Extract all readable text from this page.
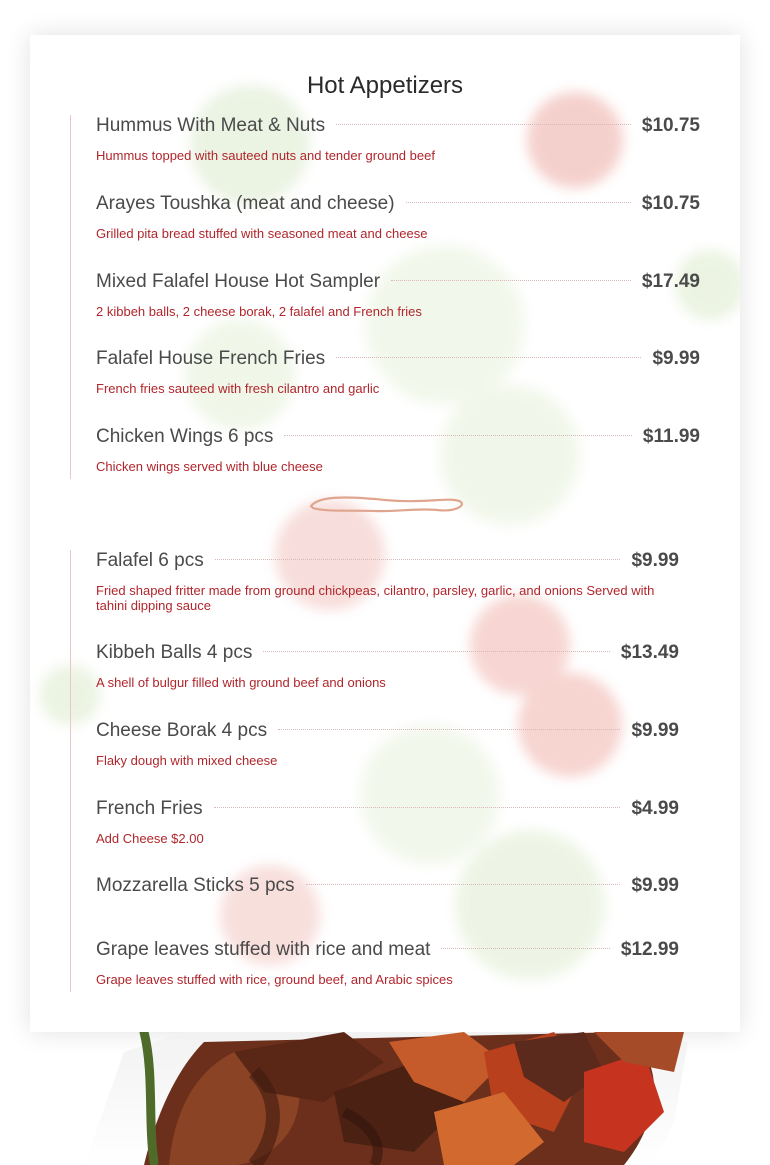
Hot Appetizers
Hummus With Meat & Nuts	$10.75
Hummus topped with sauteed nuts and tender ground beef
Arayes Toushka (meat and cheese)	$10.75
Grilled pita bread stuffed with seasoned meat and cheese
Mixed Falafel House Hot Sampler	$17.49
2 kibbeh balls, 2 cheese borak, 2 falafel and French fries
Falafel House French Fries	$9.99
French fries sauteed with fresh cilantro and garlic
Chicken Wings 6 pcs	$11.99
Chicken wings served with blue cheese
Falafel 6 pcs	$9.99
Fried shaped fritter made from ground chickpeas, cilantro, parsley, garlic, and onions Served with tahini dipping sauce
Kibbeh Balls 4 pcs	$13.49
A shell of bulgur filled with ground beef and onions
Cheese Borak 4 pcs	$9.99
Flaky dough with mixed cheese
French Fries	$4.99
Add Cheese $2.00
Mozzarella Sticks 5 pcs	$9.99
Grape leaves stuffed with rice and meat	$12.99
Grape leaves stuffed with rice, ground beef, and Arabic spices
